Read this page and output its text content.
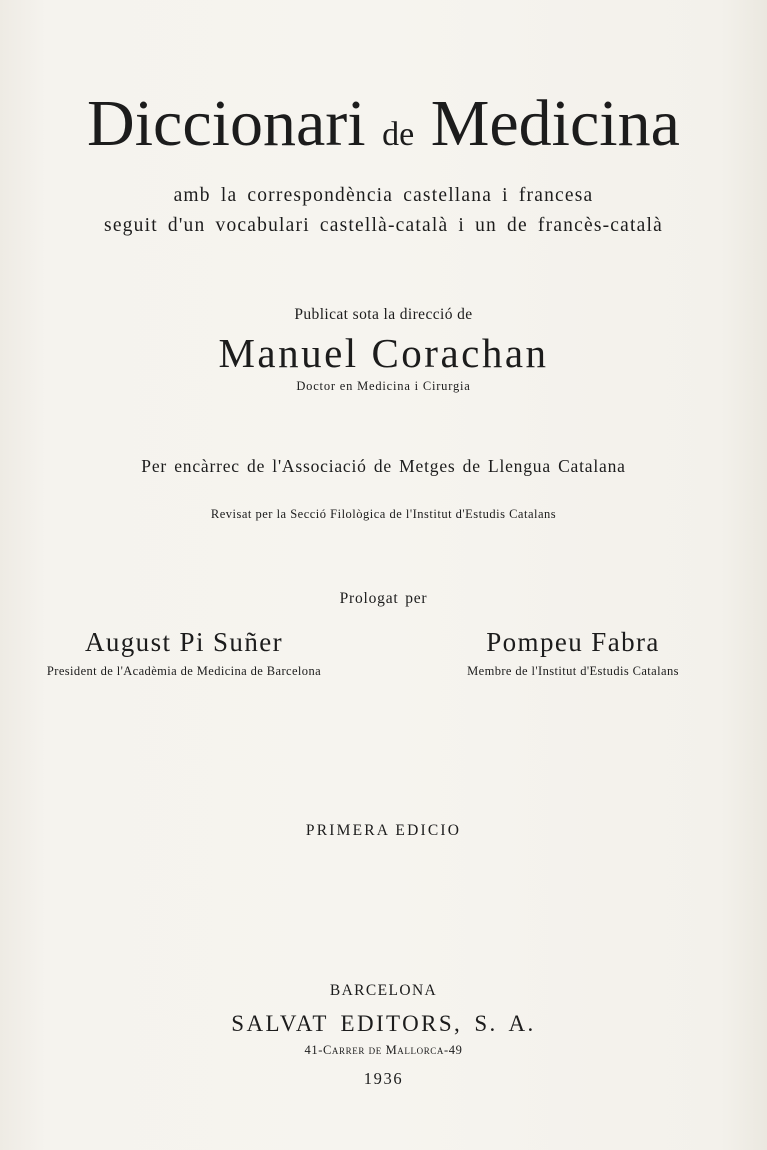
Diccionari de Medicina
amb la correspondència castellana i francesa
seguit d'un vocabulari castellà-català i un de francès-català
Publicat sota la direcció de
Manuel Corachan
Doctor en Medicina i Cirurgia
Per encàrrec de l'Associació de Metges de Llengua Catalana
Revisat per la Secció Filològica de l'Institut d'Estudis Catalans
Prologat per
August Pi Suñer
President de l'Acadèmia de Medicina de Barcelona
Pompeu Fabra
Membre de l'Institut d'Estudis Catalans
PRIMERA EDICIO
BARCELONA
SALVAT EDITORS, S. A.
41-Carrer de Mallorca-49
1936
